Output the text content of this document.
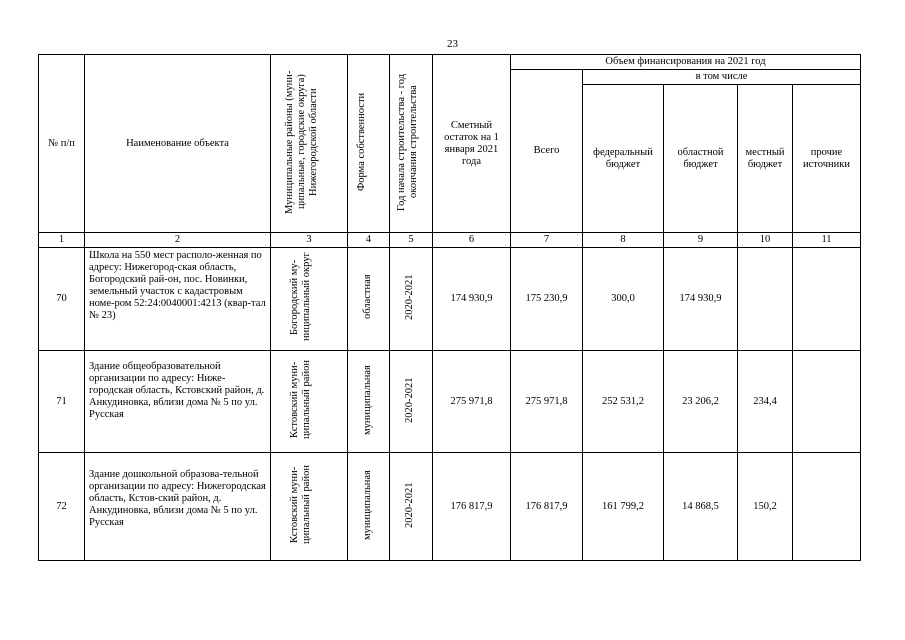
23
№ п/п	Наименование объекта	Муниципальные районы (муни-ципальные, городские округа) Нижегородской области	Форма собственности	Год начала строительства - год окончания строительства	Сметный остаток на 1 января 2021 года	Объем финансирования на 2021 год				
						Всего	в том числе			
							федеральный бюджет	областной бюджет	местный бюджет	прочие источники
1	2	3	4	5	6	7	8	9	10	11
70	Школа на 550 мест располо-женная по адресу: Нижегород-ская область, Богородский рай-он, пос. Новинки, земельный участок с кадастровым номе-ром 52:24:0040001:4213 (квар-тал № 23)	Богородский му-ниципальный округ	областная	2020-2021	174 930,9	175 230,9	300,0	174 930,9		
71	Здание общеобразовательной организации по адресу: Ниже-городская область, Кстовский район, д. Анкудиновка, вблизи дома № 5 по ул. Русская	Кстовский муни-ципальный район	муниципальная	2020-2021	275 971,8	275 971,8	252 531,2	23 206,2	234,4	
72	Здание дошкольной образова-тельной организации по адресу: Нижегородская область, Кстов-ский район, д. Анкудиновка, вблизи дома № 5 по ул. Русская	Кстовский муни-ципальный район	муниципальная	2020-2021	176 817,9	176 817,9	161 799,2	14 868,5	150,2	
